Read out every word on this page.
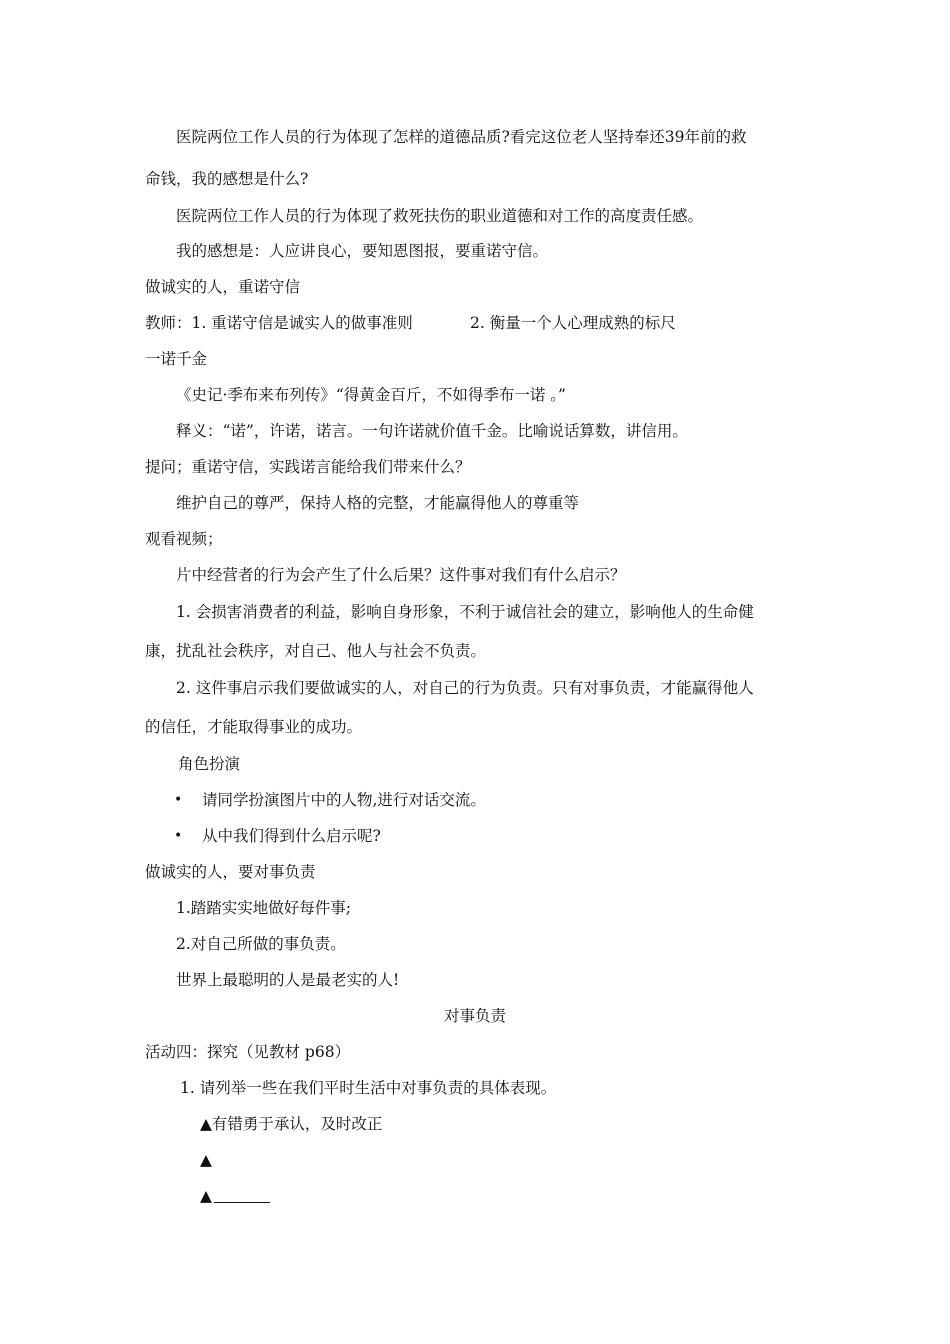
医院两位工作人员的行为体现了怎样的道德品质?看完这位老人坚持奉还39年前的救
命钱，我的感想是什么?
医院两位工作人员的行为体现了救死扶伤的职业道德和对工作的高度责任感。
我的感想是：人应讲良心，要知恩图报，要重诺守信。
做诚实的人，重诺守信
教师：1. 重诺守信是诚实人的做事准则	2. 衡量一个人心理成熟的标尺
一诺千金
《史记·季布来布列传》“得黄金百斤，不如得季布一诺 。”
释义：“诺”，许诺，诺言。一句许诺就价值千金。比喻说话算数，讲信用。
提问；重诺守信，实践诺言能给我们带来什么？
维护自己的尊严，保持人格的完整，才能赢得他人的尊重等
观看视频；
片中经营者的行为会产生了什么后果？这件事对我们有什么启示？
1. 会损害消费者的利益，影响自身形象，不利于诚信社会的建立，影响他人的生命健
康，扰乱社会秩序，对自己、他人与社会不负责。
2. 这件事启示我们要做诚实的人，对自己的行为负责。只有对事负责，才能赢得他人
的信任，才能取得事业的成功。
角色扮演
• 请同学扮演图片中的人物,进行对话交流。
• 从中我们得到什么启示呢?
做诚实的人，要对事负责
1.踏踏实实地做好每件事;
2.对自己所做的事负责。
世界上最聪明的人是最老实的人!
对事负责
活动四：探究（见教材 p68）
1. 请列举一些在我们平时生活中对事负责的具体表现。
▲有错勇于承认，及时改正
▲
▲
